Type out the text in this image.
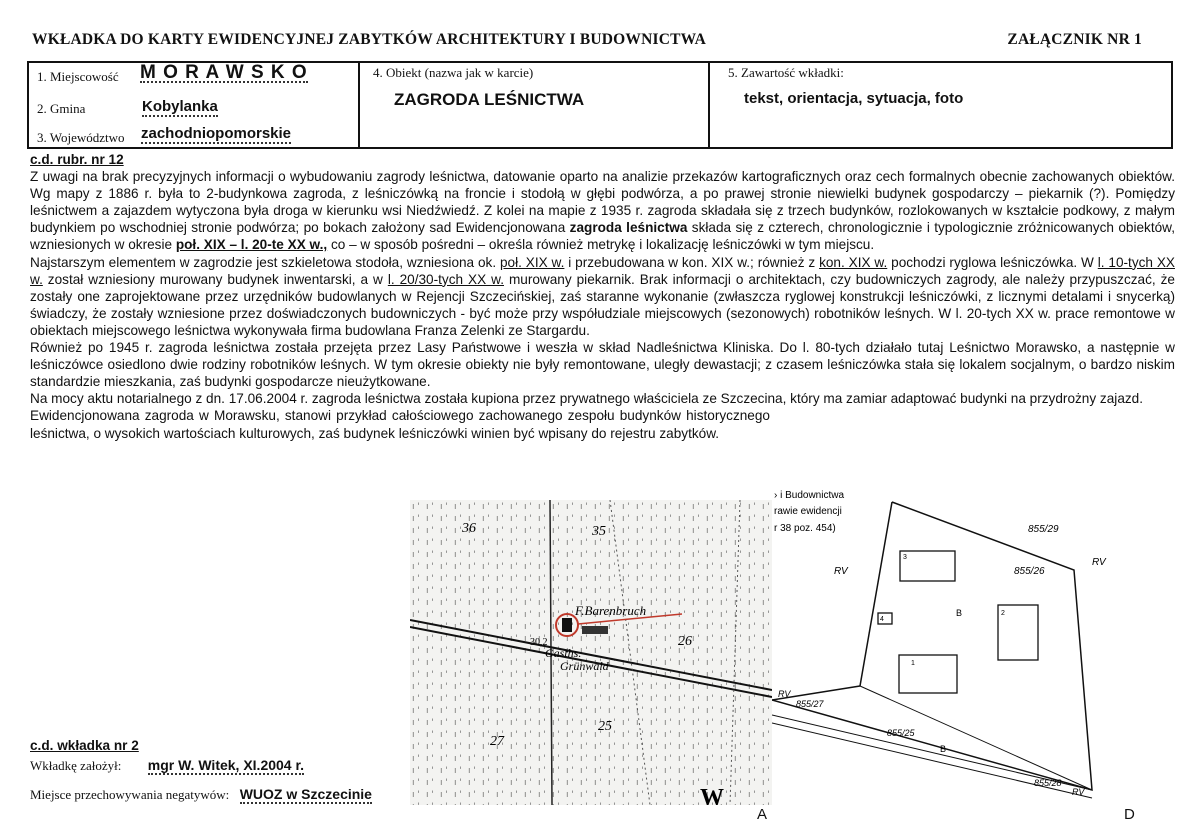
WKŁADKA DO KARTY EWIDENCYJNEJ ZABYTKÓW ARCHITEKTURY I BUDOWNICTWA	ZAŁĄCZNIK NR 1
1. Miejscowość M O R A W S K O
2. Gmina	Kobylanka
3. Województwo zachodniopomorskie
4. Obiekt (nazwa jak w karcie)
ZAGRODA LEŚNICTWA
5. Zawartość wkładki:
tekst, orientacja, sytuacja, foto
c.d. rubr. nr 12

Z uwagi na brak precyzyjnych informacji o wybudowaniu zagrody leśnictwa, datowanie oparto na analizie przekazów kartograficznych oraz cech formalnych obecnie zachowanych obiektów. Wg mapy z 1886 r. była to 2-budynkowa zagroda, z leśniczówką na froncie i stodołą w głębi podwórza, a po prawej stronie niewielki budynek gospodarczy – piekarnik (?). Pomiędzy leśnictwem a zajazdem wytyczona była droga w kierunku wsi Niedźwiedź. Z kolei na mapie z 1935 r. zagroda składała się z trzech budynków, rozlokowanych w kształcie podkowy, z małym budynkiem po wschodniej stronie podwórza; po bokach założony sad Ewidencjonowana zagroda leśnictwa składa się z czterech, chronologicznie i typologicznie zróżnicowanych obiektów, wzniesionych w okresie poł. XIX – l. 20-te XX w., co – w sposób pośredni – określa również metrykę i lokalizację leśniczówki w tym miejscu.

Najstarszym elementem w zagrodzie jest szkieletowa stodoła, wzniesiona ok. poł. XIX w. i przebudowana w kon. XIX w.; również z kon. XIX w. pochodzi ryglowa leśniczówka. W l. 10-tych XX w. został wzniesiony murowany budynek inwentarski, a w l. 20/30-tych XX w. murowany piekarnik. Brak informacji o architektach, czy budowniczych zagrody, ale należy przypuszczać, że zostały one zaprojektowane przez urzędników budowlanych w Rejencji Szczecińskiej, zaś staranne wykonanie (zwłaszcza ryglowej konstrukcji leśniczówki, z licznymi detalami i snycerką) świadczy, że zostały wzniesione przez doświadczonych budowniczych - być może przy współudziale miejscowych (sezonowych) robotników leśnych. W l. 20-tych XX w. prace remontowe w obiektach miejscowego leśnictwa wykonywała firma budowlana Franza Zelenki ze Stargardu.

Również po 1945 r. zagroda leśnictwa została przejęta przez Lasy Państwowe i weszła w skład Nadleśnictwa Kliniska. Do l. 80-tych działało tutaj Leśnictwo Morawsko, a następnie w leśniczówce osiedlono dwie rodziny robotników leśnych. W tym okresie obiekty nie były remontowane, uległy dewastacji; z czasem leśniczówka stała się lokalem socjalnym, o bardzo niskim standardzie mieszkania, zaś budynki gospodarcze nieużytkowane.

Na mocy aktu notarialnego z dn. 17.06.2004 r. zagroda leśnictwa została kupiona przez prywatnego właściciela ze Szczecina, który ma zamiar adaptować budynki na przydrożny zajazd.

Ewidencjonowana zagroda w Morawsku, stanowi przykład całościowego zachowanego zespołu budynków historycznego leśnictwa, o wysokich wartościach kulturowych, zaś budynek leśniczówki winien być wpisany do rejestru zabytków.

36	35
26
27
25
30,2
F.Barenbruch
Gasths.
Grünwald
W
› i Budownictwa
rawie ewidencji
r 38 poz. 454)	855/29
855/26
855/27
855/25
855/28
RV
RV
RV
RV
B
B
1
2
3
4
A	D
c.d. wkładka nr 2
Wkładkę założył: mgr W. Witek, XI.2004 r.
Miejsce przechowywania negatywów: WUOZ w Szczecinie
